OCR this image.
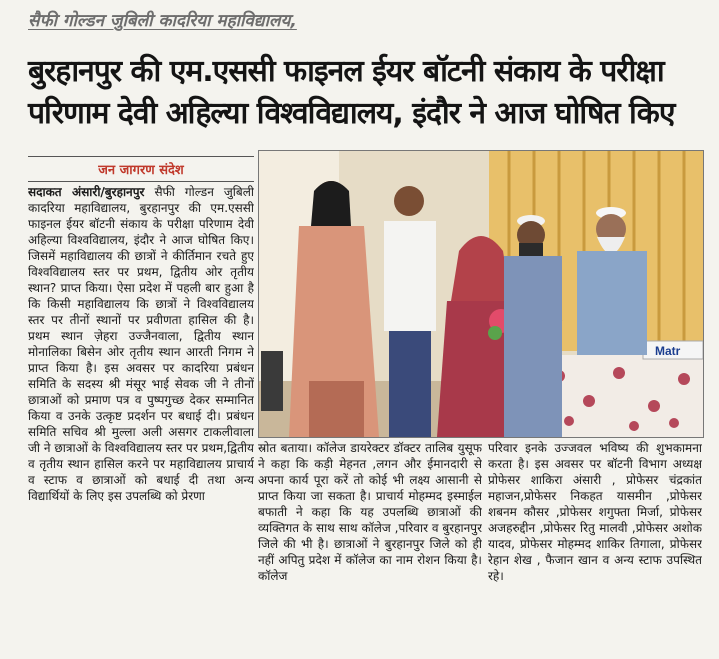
सैफी गोल्डन जुबिली कादरिया महाविद्यालय,
बुरहानपुर की एम.एससी फाइनल ईयर बॉटनी संकाय के परीक्षा
परिणाम देवी अहिल्या विश्वविद्यालय, इंदौर ने आज घोषित किए
जन जागरण संदेश
सदाकत अंसारी/बुरहानपुर सैफी गोल्डन जुबिली कादरिया महाविद्यालय, बुरहानपुर की एम.एससी फाइनल ईयर बॉटनी संकाय के परीक्षा परिणाम देवी अहिल्या विश्वविद्यालय, इंदौर ने आज घोषित किए। जिसमें महाविद्यालय की छात्रों ने कीर्तिमान रचते हुए विश्वविद्यालय स्तर पर प्रथम, द्वितीय ओर तृतीय स्थान? प्राप्त किया। ऐसा प्रदेश में पहली बार हुआ है कि किसी महाविद्यालय कि छात्रों ने विश्वविद्यालय स्तर पर तीनों स्थानों पर प्रवीणता हासिल की है। प्रथम स्थान ज़ेहरा उज्जैनवाला, द्वितीय स्थान मोनालिका बिसेन ओर तृतीय स्थान आरती निगम ने प्राप्त किया है। इस अवसर पर कादरिया प्रबंधन समिति के सदस्य श्री मंसूर भाई सेवक जी ने तीनों छात्राओं को प्रमाण पत्र व पुष्पगुच्छ देकर सम्मानित किया व उनके उत्कृष्ट प्रदर्शन पर बधाई दी। प्रबंधन समिति सचिव श्री मुल्ला अली असगर टाकलीवाला जी ने छात्राओं के विश्वविद्यालय स्तर पर प्रथम,द्वितीय व तृतीय स्थान हासिल करने पर महाविद्यालय प्राचार्य व स्टाफ व छात्राओं को बधाई दी तथा अन्य विद्यार्थियों के लिए इस उपलब्धि को प्रेरणा
Matr
स्रोत बताया। कॉलेज डायरेक्टर डॉक्टर तालिब युसूफ ने कहा कि कड़ी मेहनत ,लगन और ईमानदारी से अपना कार्य पूरा करें तो कोई भी लक्ष्य आसानी से प्राप्त किया जा सकता है। प्राचार्य मोहम्मद इस्माईल बफाती ने कहा कि यह उपलब्धि छात्राओं की व्यक्तिगत के साथ साथ कॉलेज ,परिवार व बुरहानपुर जिले की भी है। छात्राओं ने बुरहानपुर जिले को ही नहीं अपितु प्रदेश में कॉलेज का नाम रोशन किया है। कॉलेज
परिवार इनके उज्जवल भविष्य की शुभकामना करता है। इस अवसर पर बॉटनी विभाग अध्यक्ष प्रोफेसर शाकिरा अंसारी , प्रोफेसर चंद्रकांत महाजन,प्रोफेसर निकहत यासमीन ,प्रोफेसर शबनम कौसर ,प्रोफेसर शगुफ्ता मिर्जा, प्रोफेसर अजहरुद्दीन ,प्रोफेसर रितु मालवी ,प्रोफेसर अशोक यादव, प्रोफेसर मोहम्मद शाकिर तिगाला, प्रोफेसर रेहान शेख , फैजान खान व अन्य स्टाफ उपस्थित रहे।
